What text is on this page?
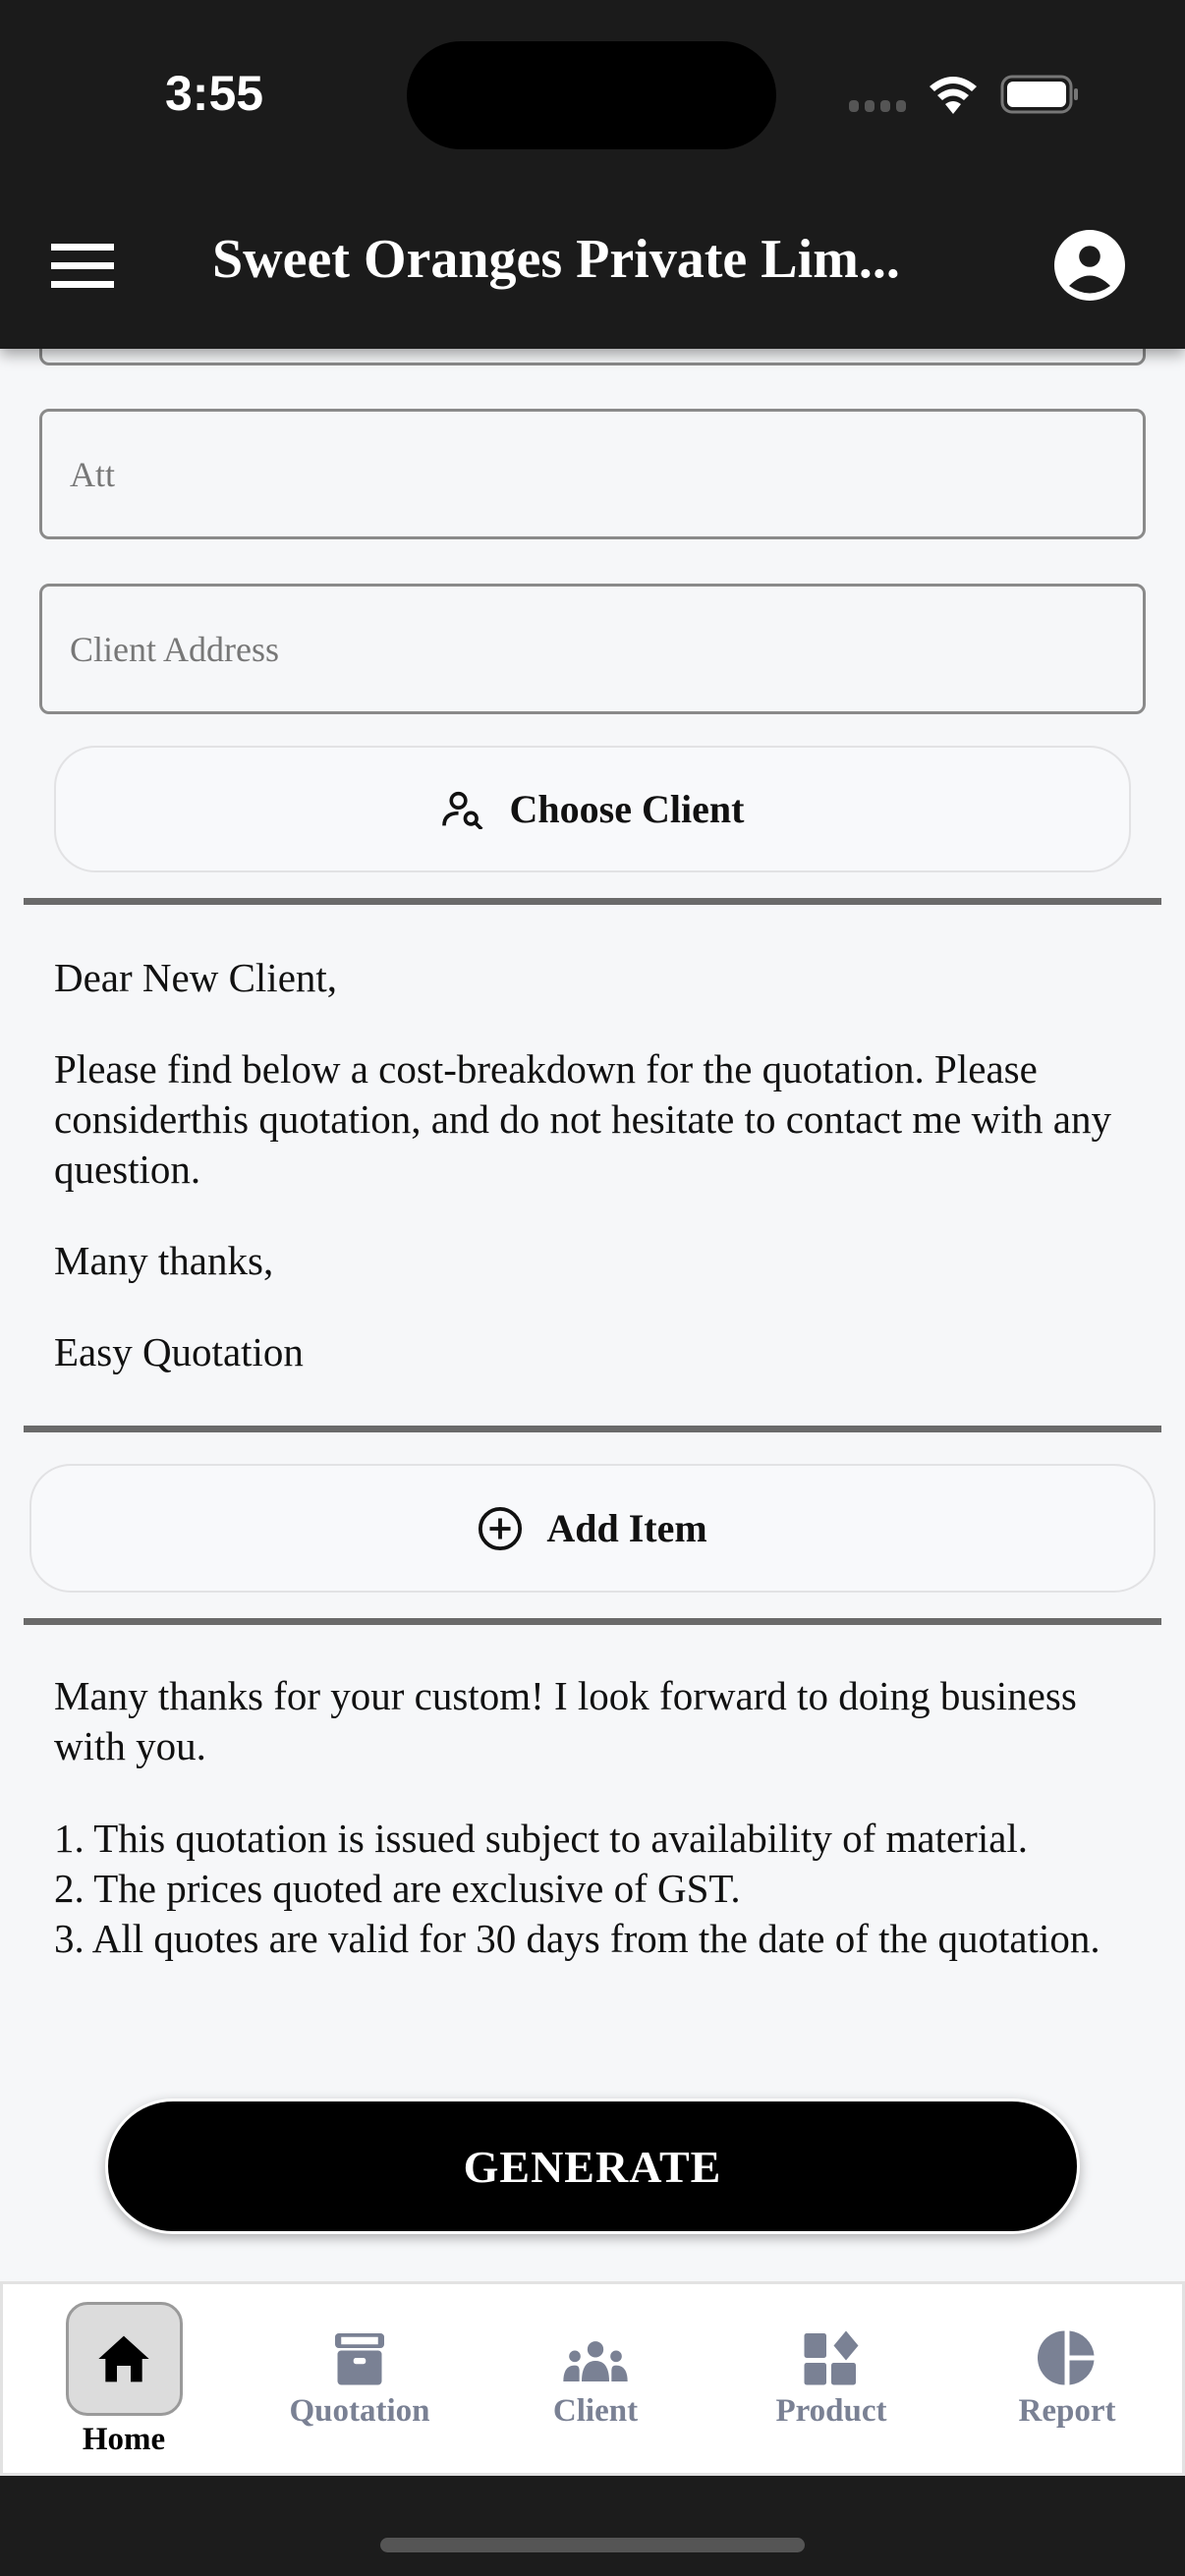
3:55
Sweet Oranges Private Lim...
Att
Client Address
Choose Client
Dear New Client,
Please find below a cost-breakdown for the quotation. Please considerthis quotation, and do not hesitate to contact me with any question.
Many thanks,
Easy Quotation
Add Item
Many thanks for your custom! I look forward to doing business with you.
1. This quotation is issued subject to availability of material.
2. The prices quoted are exclusive of GST.
3. All quotes are valid for 30 days from the date of the quotation.
GENERATE
Home
Quotation	Client	Product	Report
